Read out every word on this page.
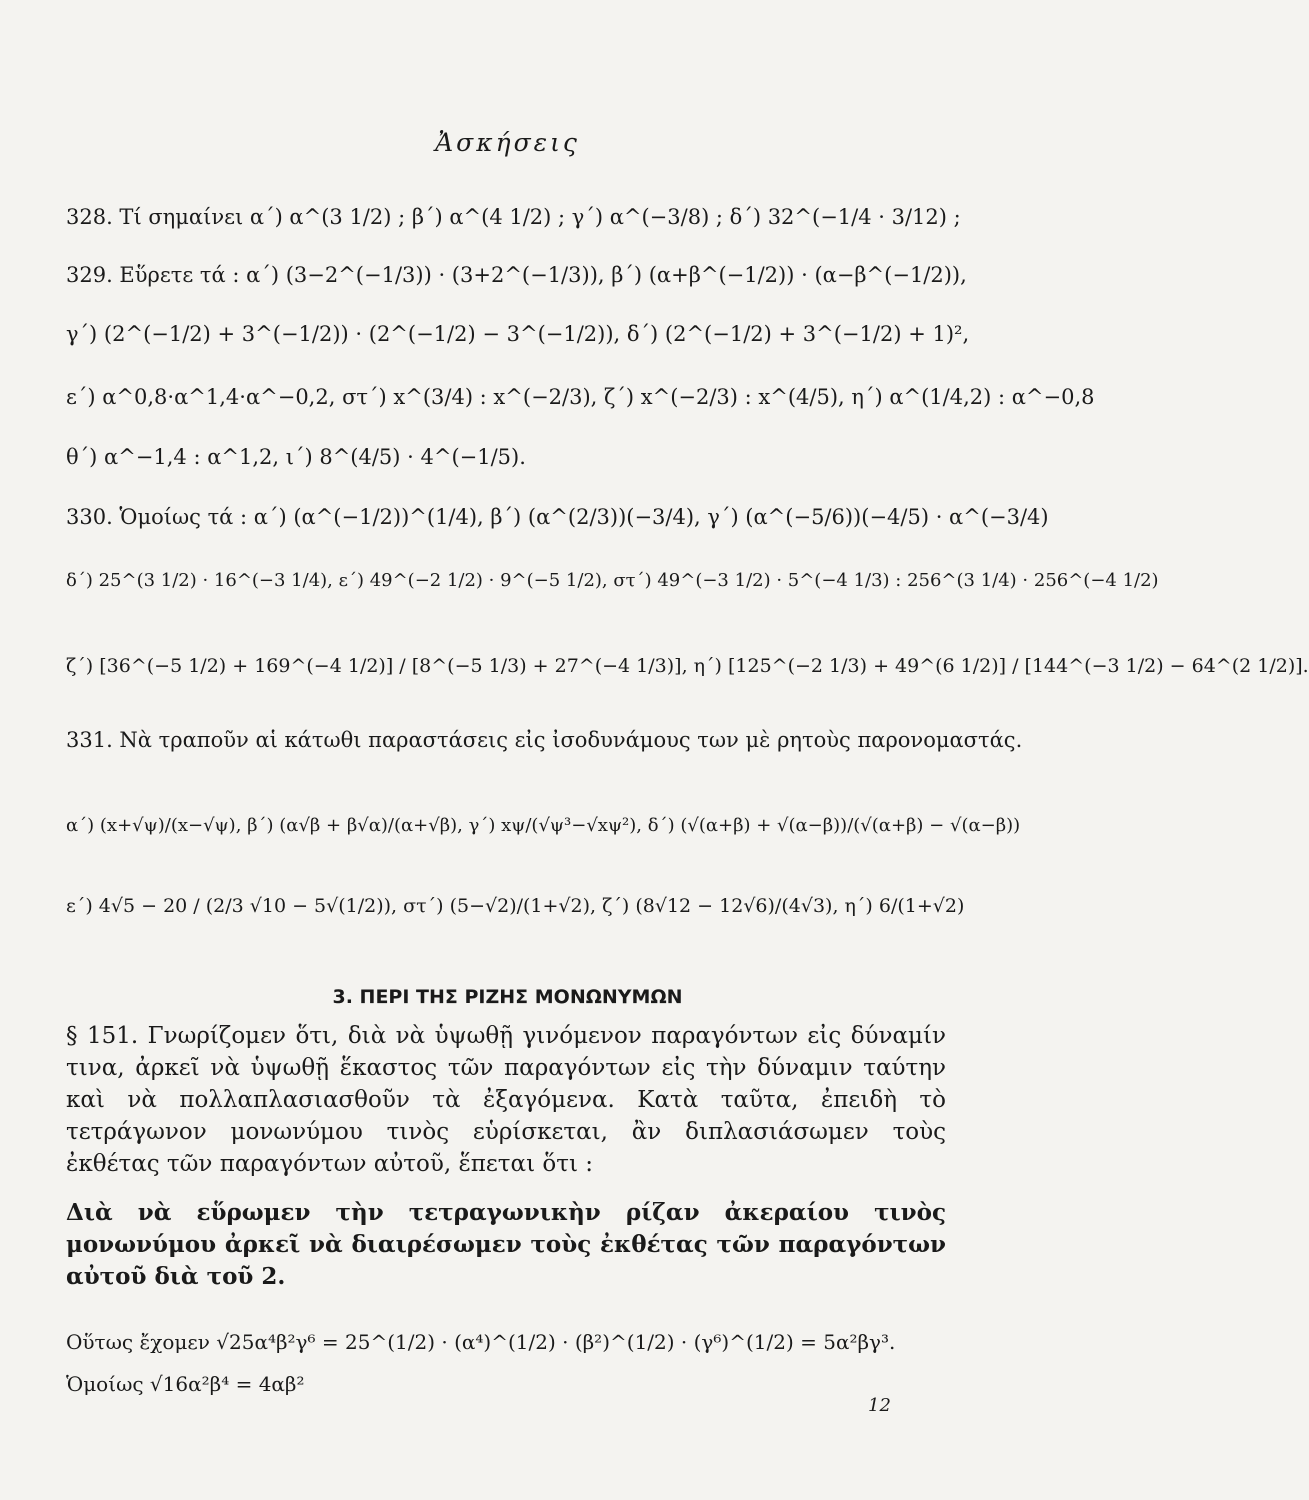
Ἀσκήσεις
328. Τί σημαίνει α΄) α^(3 1/2) ; β΄) α^(4 1/2) ; γ΄) α^(−3/8) ; δ΄) 32^(−1/4 · 3/12) ;
329. Εὕρετε τά : α΄) (3−2^(−1/3)) · (3+2^(−1/3)), β΄) (α+β^(−1/2)) · (α−β^(−1/2)),
γ΄) (2^(−1/2) + 3^(−1/2)) · (2^(−1/2) − 3^(−1/2)), δ΄) (2^(−1/2) + 3^(−1/2) + 1)²,
ε΄) α^0,8·α^1,4·α^−0,2, στ΄) x^(3/4) : x^(−2/3), ζ΄) x^(−2/3) : x^(4/5), η΄) α^(1/4,2) : α^−0,8
θ΄) α^−1,4 : α^1,2, ι΄) 8^(4/5) · 4^(−1/5).
330. Ὁμοίως τά : α΄) (α^(−1/2))^(1/4), β΄) (α^(2/3))(−3/4), γ΄) (α^(−5/6))(−4/5) · α^(−3/4)
δ΄) 25^(3 1/2) · 16^(−3 1/4), ε΄) 49^(−2 1/2) · 9^(−5 1/2), στ΄) 49^(−3 1/2) · 5^(−4 1/3) : 256^(3 1/4) · 256^(−4 1/2)
ζ΄) [36^(−5 1/2) + 169^(−4 1/2)] / [8^(−5 1/3) + 27^(−4 1/3)], η΄) [125^(−2 1/3) + 49^(6 1/2)] / [144^(−3 1/2) − 64^(2 1/2)].
331. Νὰ τραποῦν αἱ κάτωθι παραστάσεις εἰς ἰσοδυνάμους των μὲ ρητοὺς παρονομαστάς.
α΄) (x+√ψ)/(x−√ψ), β΄) (α√β + β√α)/(α+√β), γ΄) xψ/(√ψ³−√xψ²), δ΄) (√(α+β) + √(α−β))/(√(α+β) − √(α−β))
ε΄) 4√5 − 20 / (2/3 √10 − 5√(1/2)), στ΄) (5−√2)/(1+√2), ζ΄) (8√12 − 12√6)/(4√3), η΄) 6/(1+√2)
3. ΠΕΡΙ ΤΗΣ ΡΙΖΗΣ ΜΟΝΩΝΥΜΩΝ
§ 151. Γνωρίζομεν ὅτι, διὰ νὰ ὑψωθῇ γινόμενον παραγόντων εἰς δύναμίν τινα, ἀρκεῖ νὰ ὑψωθῇ ἕκαστος τῶν παραγόντων εἰς τὴν δύναμιν ταύτην καὶ νὰ πολλαπλασιασθοῦν τὰ ἐξαγόμενα. Κατὰ ταῦτα, ἐπειδὴ τὸ τετράγωνον μονωνύμου τινὸς εὑρίσκεται, ἂν διπλασιάσωμεν τοὺς ἐκθέτας τῶν παραγόντων αὐτοῦ, ἕπεται ὅτι :
Διὰ νὰ εὕρωμεν τὴν τετραγωνικὴν ρίζαν ἀκεραίου τινὸς μονωνύμου ἀρκεῖ νὰ διαιρέσωμεν τοὺς ἐκθέτας τῶν παραγόντων αὐτοῦ διὰ τοῦ 2.
Οὕτως ἔχομεν √25α⁴β²γ⁶ = 25^(1/2) · (α⁴)^(1/2) · (β²)^(1/2) · (γ⁶)^(1/2) = 5α²βγ³.
Ὁμοίως √16α²β⁴ = 4αβ²
12
